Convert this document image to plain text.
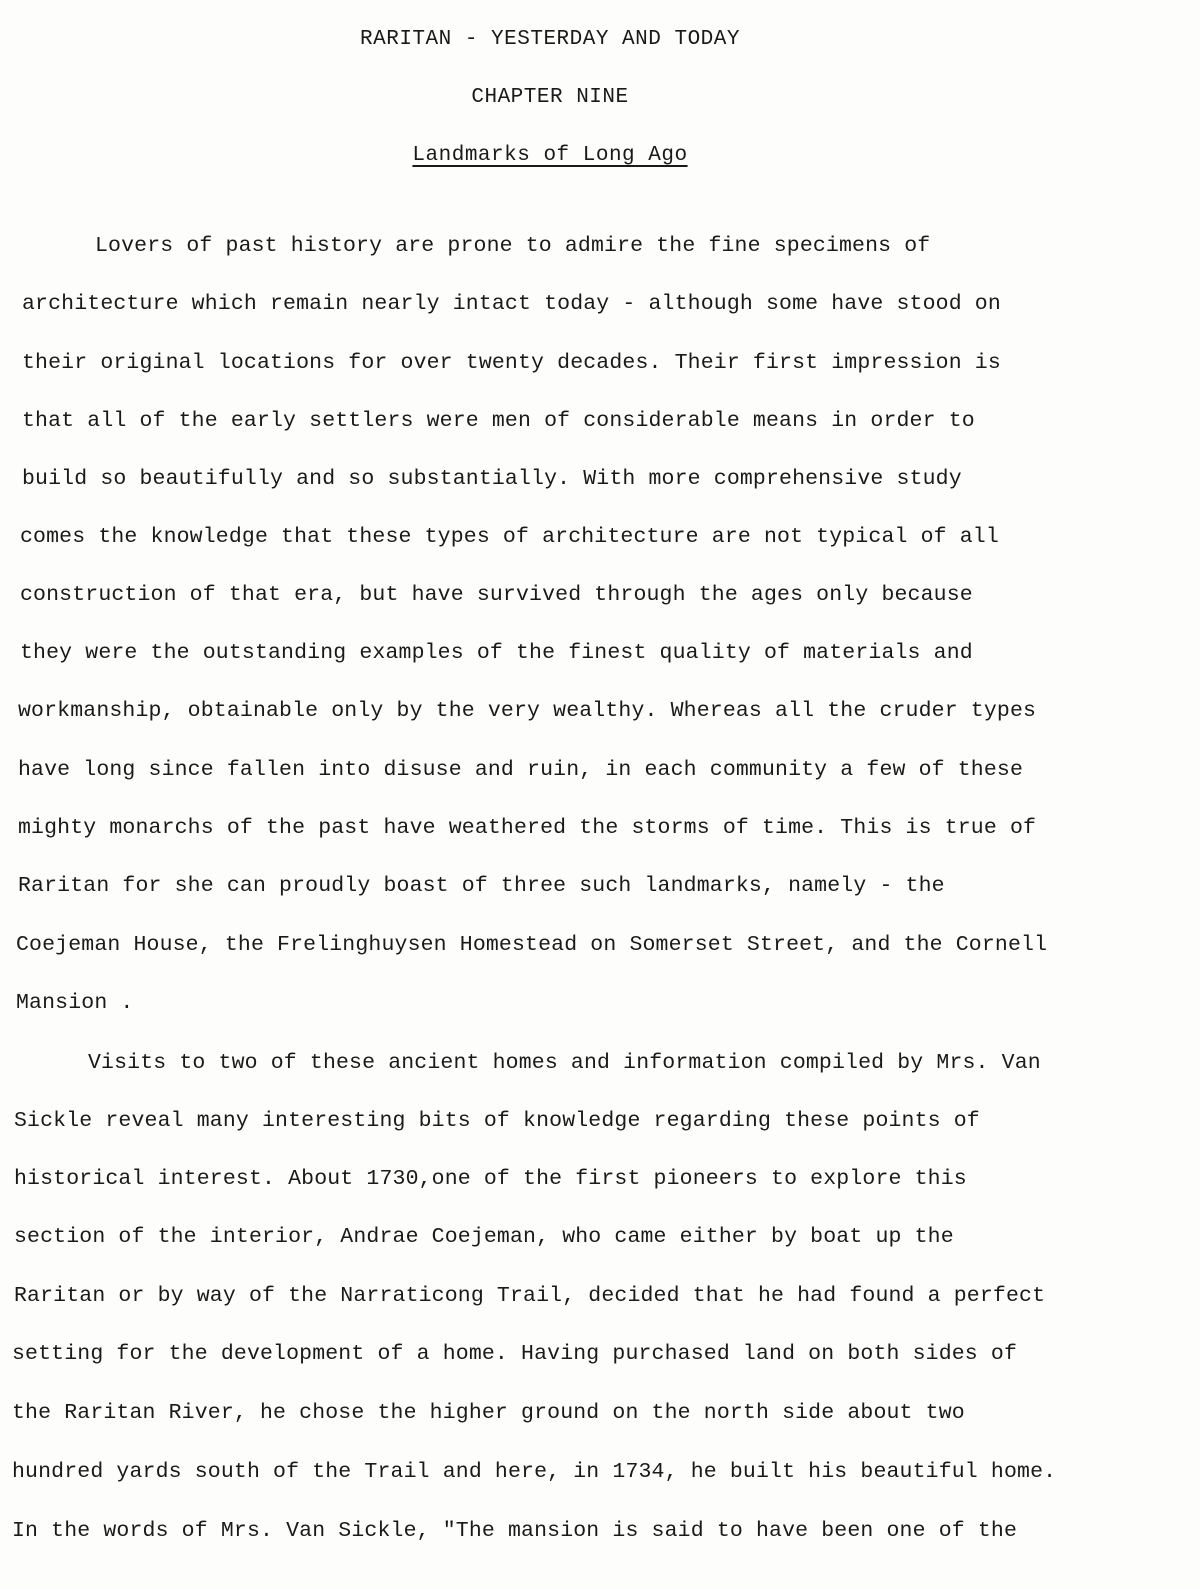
RARITAN - YESTERDAY AND TODAY
CHAPTER NINE
Landmarks of Long Ago
Lovers of past history are prone to admire the fine specimens of
architecture which remain nearly intact today - although some have stood on
their original locations for over twenty decades. Their first impression is
that all of the early settlers were men of considerable means in order to
build so beautifully and so substantially. With more comprehensive study
comes the knowledge that these types of architecture are not typical of all
construction of that era, but have survived through the ages only because
they were the outstanding examples of the finest quality of materials and
workmanship, obtainable only by the very wealthy. Whereas all the cruder types
have long since fallen into disuse and ruin, in each community a few of these
mighty monarchs of the past have weathered the storms of time. This is true of
Raritan for she can proudly boast of three such landmarks, namely - the
Coejeman House, the Frelinghuysen Homestead on Somerset Street, and the Cornell
Mansion .
Visits to two of these ancient homes and information compiled by Mrs. Van
Sickle reveal many interesting bits of knowledge regarding these points of
historical interest. About 1730,one of the first pioneers to explore this
section of the interior, Andrae Coejeman, who came either by boat up the
Raritan or by way of the Narraticong Trail, decided that he had found a perfect
setting for the development of a home. Having purchased land on both sides of
the Raritan River, he chose the higher ground on the north side about two
hundred yards south of the Trail and here, in 1734, he built his beautiful home.
In the words of Mrs. Van Sickle, "The mansion is said to have been one of the
